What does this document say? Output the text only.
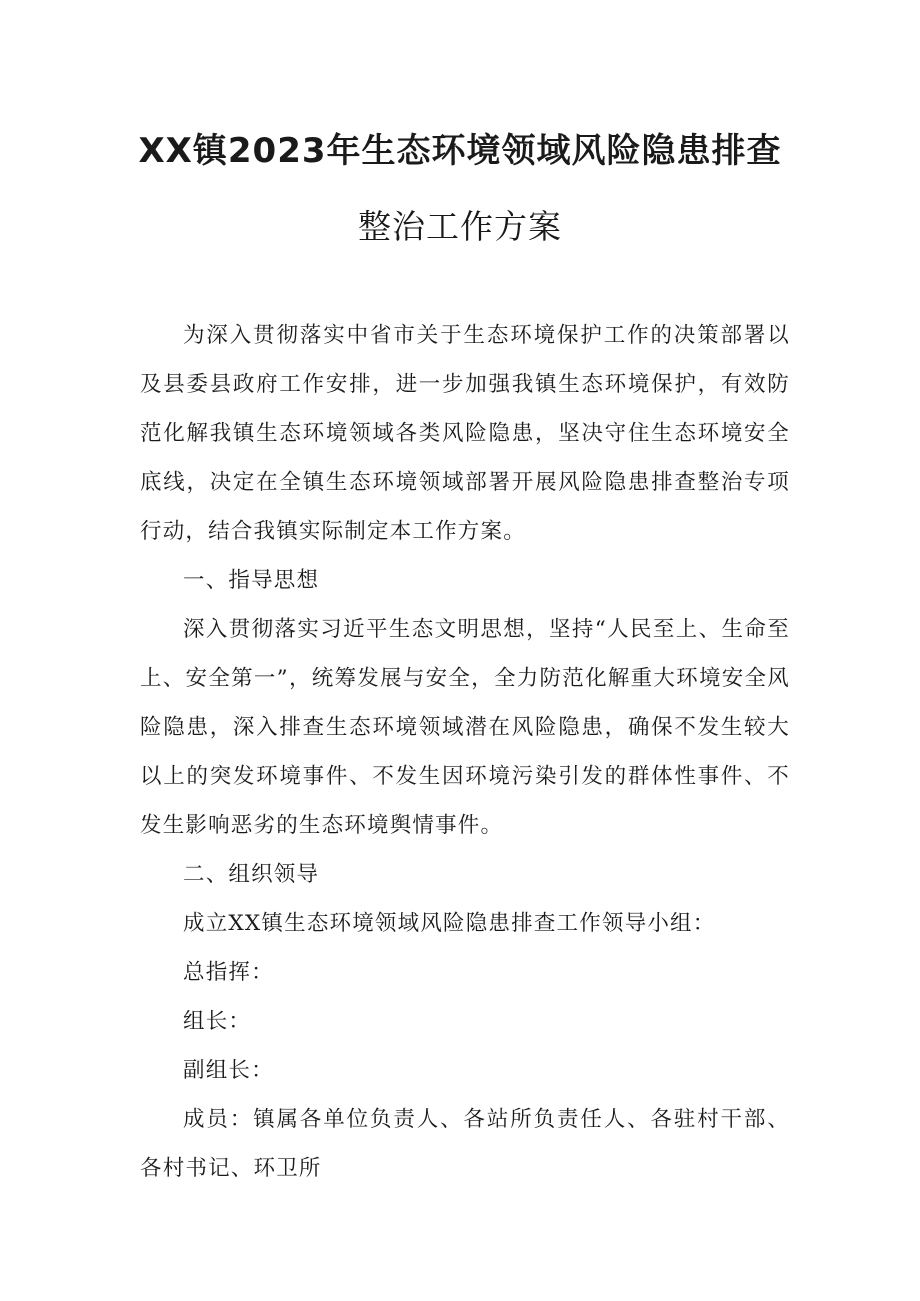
XX镇2023年生态环境领域风险隐患排查
整治工作方案

为深入贯彻落实中省市关于生态环境保护工作的决策部署以及县委县政府工作安排，进一步加强我镇生态环境保护，有效防范化解我镇生态环境领域各类风险隐患，坚决守住生态环境安全底线，决定在全镇生态环境领域部署开展风险隐患排查整治专项行动，结合我镇实际制定本工作方案。

一、指导思想

深入贯彻落实习近平生态文明思想，坚持“人民至上、生命至上、安全第一”，统筹发展与安全，全力防范化解重大环境安全风险隐患，深入排查生态环境领域潜在风险隐患，确保不发生较大以上的突发环境事件、不发生因环境污染引发的群体性事件、不发生影响恶劣的生态环境舆情事件。

二、组织领导

成立XX镇生态环境领域风险隐患排查工作领导小组：

总指挥：

组长：

副组长：

成员：镇属各单位负责人、各站所负责任人、各驻村干部、各村书记、环卫所
